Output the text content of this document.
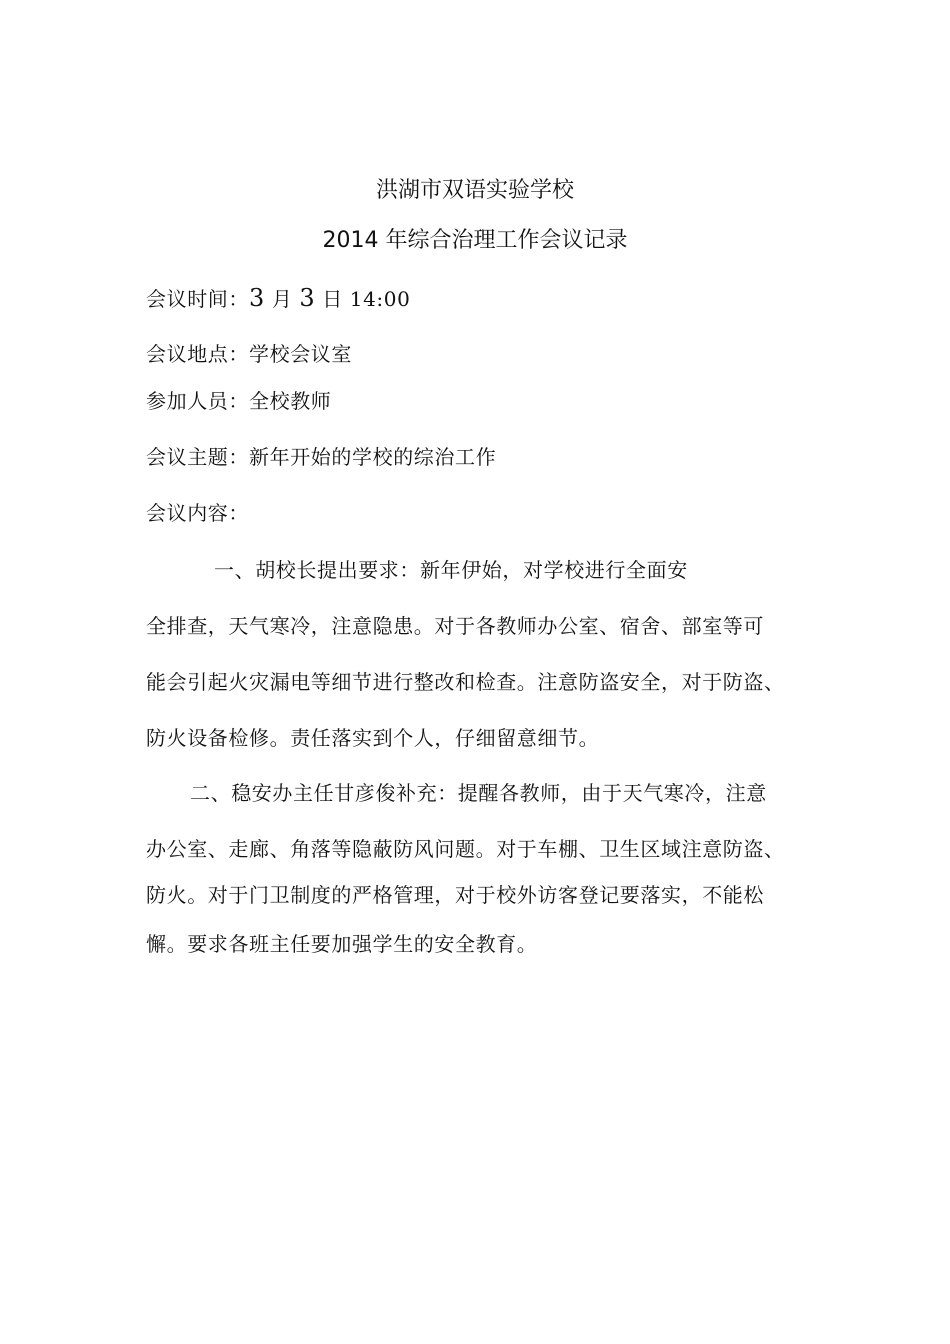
洪湖市双语实验学校
2014 年综合治理工作会议记录
会议时间：3 月 3 日 14:00
会议地点：学校会议室
参加人员：全校教师
会议主题：新年开始的学校的综治工作
会议内容：
一、胡校长提出要求：新年伊始，对学校进行全面安
全排查，天气寒冷，注意隐患。对于各教师办公室、宿舍、部室等可
能会引起火灾漏电等细节进行整改和检查。注意防盗安全，对于防盗、
防火设备检修。责任落实到个人，仔细留意细节。
二、稳安办主任甘彦俊补充：提醒各教师，由于天气寒冷，注意
办公室、走廊、角落等隐蔽防风问题。对于车棚、卫生区域注意防盗、
防火。对于门卫制度的严格管理，对于校外访客登记要落实，不能松
懈。要求各班主任要加强学生的安全教育。
